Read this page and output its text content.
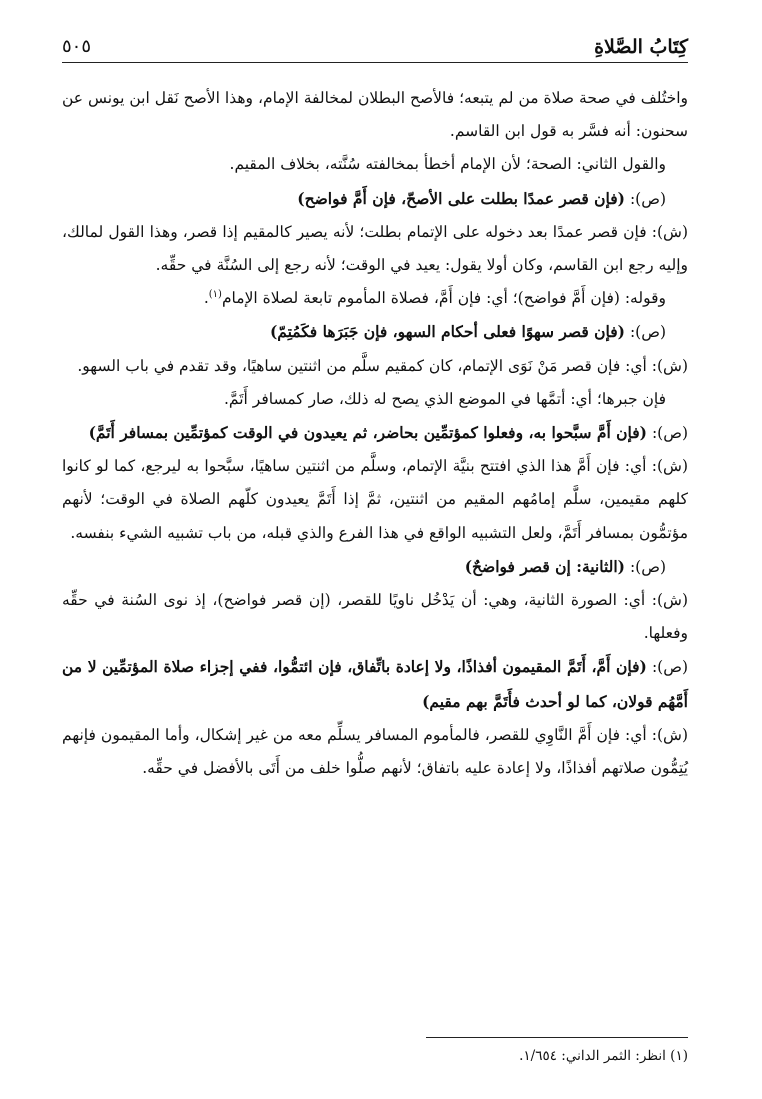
كِتَابُ الصَّلاةِ
٥٠٥

واختُلف في صحة صلاة من لم يتبعه؛ فالأصح البطلان لمخالفة الإمام، وهذا الأصح نَقل ابن يونس عن سحنون: أنه فسَّر به قول ابن القاسم.

والقول الثاني: الصحة؛ لأن الإمام أخطأ بمخالفته سُنَّته، بخلاف المقيم.

(ص): (فإن قصر عمدًا بطلت على الأصحّ، فإن أَمَّ فواضح)

(ش): فإن قصر عمدًا بعد دخوله على الإتمام بطلت؛ لأنه يصير كالمقيم إذا قصر، وهذا القول لمالك، وإليه رجع ابن القاسم، وكان أولا يقول: يعيد في الوقت؛ لأنه رجع إلى السُنَّة في حقِّه.

وقوله: (فإن أَمَّ فواضح)؛ أي: فإن أَمَّ، فصلاة المأموم تابعة لصلاة الإمام$^{(١)}$.

(ص): (فإن قصر سهوًا فعلى أحكام السهو، فإن جَبَرَها فكَمُتِمّ)

(ش): أي: فإن قصر مَنْ نَوَى الإتمام، كان كمقيم سلَّم من اثنتين ساهيًا، وقد تقدم في باب السهو.

فإن جبرها؛ أي: أتمَّها في الموضع الذي يصح له ذلك، صار كمسافر أَتَمَّ.

(ص): (فإن أَمَّ سبَّحوا به، وفعلوا كمؤتمِّين بحاضر، ثم يعيدون في الوقت كمؤتمِّين بمسافر أَتَمَّ)

(ش): أي: فإن أَمَّ هذا الذي افتتح بنيَّة الإتمام، وسلَّم من اثنتين ساهيًا، سبَّحوا به ليرجع، كما لو كانوا كلهم مقيمين، سلَّم إمامُهم المقيم من اثنتين، ثمَّ إذا أَتَمَّ يعيدون كلّهم الصلاة في الوقت؛ لأنهم مؤتمُّون بمسافر أَتَمَّ، ولعل التشبيه الواقع في هذا الفرع والذي قبله، من باب تشبيه الشيء بنفسه.

(ص): (الثانية: إن قصر فواضحٌ)

(ش): أي: الصورة الثانية، وهي: أن يَدْخُل ناويًا للقصر، (إن قصر فواضح)، إذ نوى السُنة في حقِّه وفعلها.

(ص): (فإن أَمَّ، أَتَمَّ المقيمون أفذاذًا، ولا إعادة باتِّفاق، فإن ائتمُّوا، ففي إجزاء صلاة المؤتمِّين لا من أَمَّهُم قولان، كما لو أحدث فأَتَمَّ بهم مقيم)

(ش): أي: فإن أَمَّ النَّاوِي للقصر، فالمأموم المسافر يسلِّم معه من غير إشكال، وأما المقيمون فإنهم يُتِمُّون صلاتهم أفذاذًا، ولا إعادة عليه باتفاق؛ لأنهم صلُّوا خلف من أَتَى بالأفضل في حقِّه.

(١) انظر: الثمر الداني: ١/٦٥٤.
